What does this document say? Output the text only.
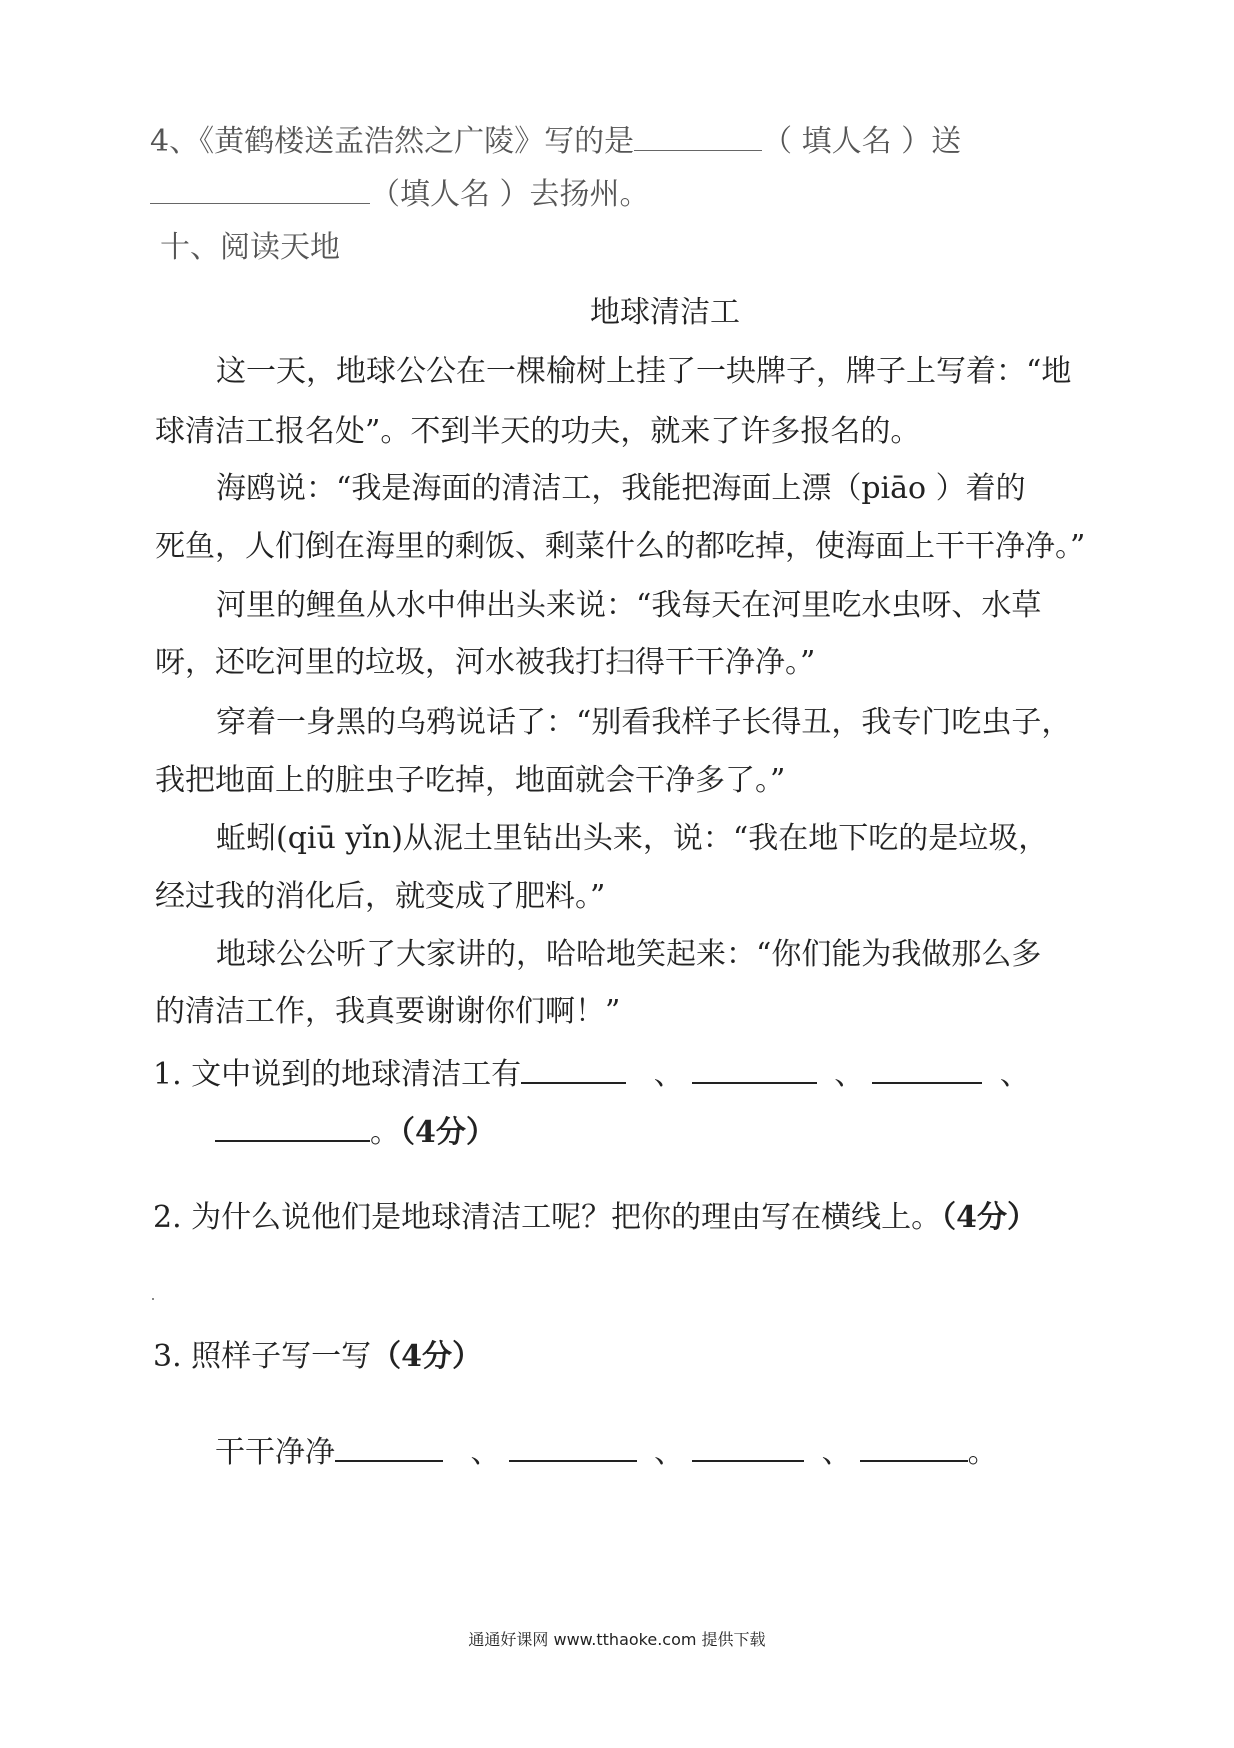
4、《黄鹤楼送孟浩然之广陵》写的是	（ 填人名 ）送
（填人名 ）去扬州。
十、阅读天地
地球清洁工
这一天，地球公公在一棵榆树上挂了一块牌子，牌子上写着：“地
球清洁工报名处”。不到半天的功夫，就来了许多报名的。
海鸥说：“我是海面的清洁工，我能把海面上漂（piāo ）着的
死鱼，人们倒在海里的剩饭、剩菜什么的都吃掉，使海面上干干净净。”
河里的鲤鱼从水中伸出头来说：“我每天在河里吃水虫呀、水草
呀，还吃河里的垃圾，河水被我打扫得干干净净。”
穿着一身黑的乌鸦说话了：“别看我样子长得丑，我专门吃虫子，
我把地面上的脏虫子吃掉，地面就会干净多了。”
蚯蚓(qiū yǐn)从泥土里钻出头来，说：“我在地下吃的是垃圾，
经过我的消化后，就变成了肥料。”
地球公公听了大家讲的，哈哈地笑起来：“你们能为我做那么多
的清洁工作，我真要谢谢你们啊！”
1. 文中说到的地球清洁工有	、	、	、
。（4分）
2. 为什么说他们是地球清洁工呢？把你的理由写在横线上。（4分）
3. 照样子写一写（4分）
干干净净	、	、	、	。
通通好课网 www.tthaoke.com 提供下载
